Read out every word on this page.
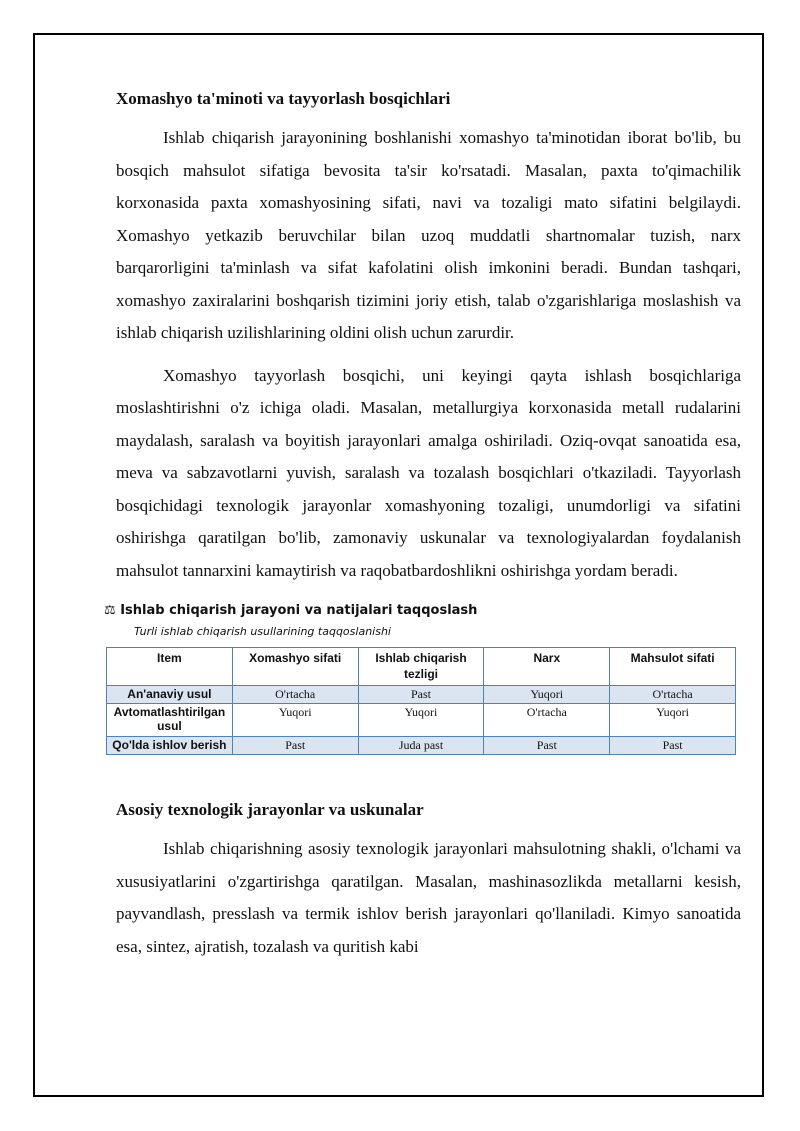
Xomashyo ta'minoti va tayyorlash bosqichlari

Ishlab chiqarish jarayonining boshlanishi xomashyo ta'minotidan iborat bo'lib, bu bosqich mahsulot sifatiga bevosita ta'sir ko'rsatadi. Masalan, paxta to'qimachilik korxonasida paxta xomashyosining sifati, navi va tozaligi mato sifatini belgilaydi. Xomashyo yetkazib beruvchilar bilan uzoq muddatli shartnomalar tuzish, narx barqarorligini ta'minlash va sifat kafolatini olish imkonini beradi. Bundan tashqari, xomashyo zaxiralarini boshqarish tizimini joriy etish, talab o'zgarishlariga moslashish va ishlab chiqarish uzilishlarining oldini olish uchun zarurdir.

Xomashyo tayyorlash bosqichi, uni keyingi qayta ishlash bosqichlariga moslashtirishni o'z ichiga oladi. Masalan, metallurgiya korxonasida metall rudalarini maydalash, saralash va boyitish jarayonlari amalga oshiriladi. Oziq-ovqat sanoatida esa, meva va sabzavotlarni yuvish, saralash va tozalash bosqichlari o'tkaziladi. Tayyorlash bosqichidagi texnologik jarayonlar xomashyoning tozaligi, unumdorligi va sifatini oshirishga qaratilgan bo'lib, zamonaviy uskunalar va texnologiyalardan foydalanish mahsulot tannarxini kamaytirish va raqobatbardoshlikni oshirishga yordam beradi.

⚖ Ishlab chiqarish jarayoni va natijalari taqqoslash
Turli ishlab chiqarish usullarining taqqoslanishi
Item	Xomashyo sifati	Ishlab chiqarish tezligi	Narx	Mahsulot sifati
An'anaviy usul	O'rtacha	Past	Yuqori	O'rtacha
Avtomatlashtirilgan usul	Yuqori	Yuqori	O'rtacha	Yuqori
Qo'lda ishlov berish	Past	Juda past	Past	Past
Asosiy texnologik jarayonlar va uskunalar

Ishlab chiqarishning asosiy texnologik jarayonlari mahsulotning shakli, o'lchami va xususiyatlarini o'zgartirishga qaratilgan. Masalan, mashinasozlikda metallarni kesish, payvandlash, presslash va termik ishlov berish jarayonlari qo'llaniladi. Kimyo sanoatida esa, sintez, ajratish, tozalash va quritish kabi
